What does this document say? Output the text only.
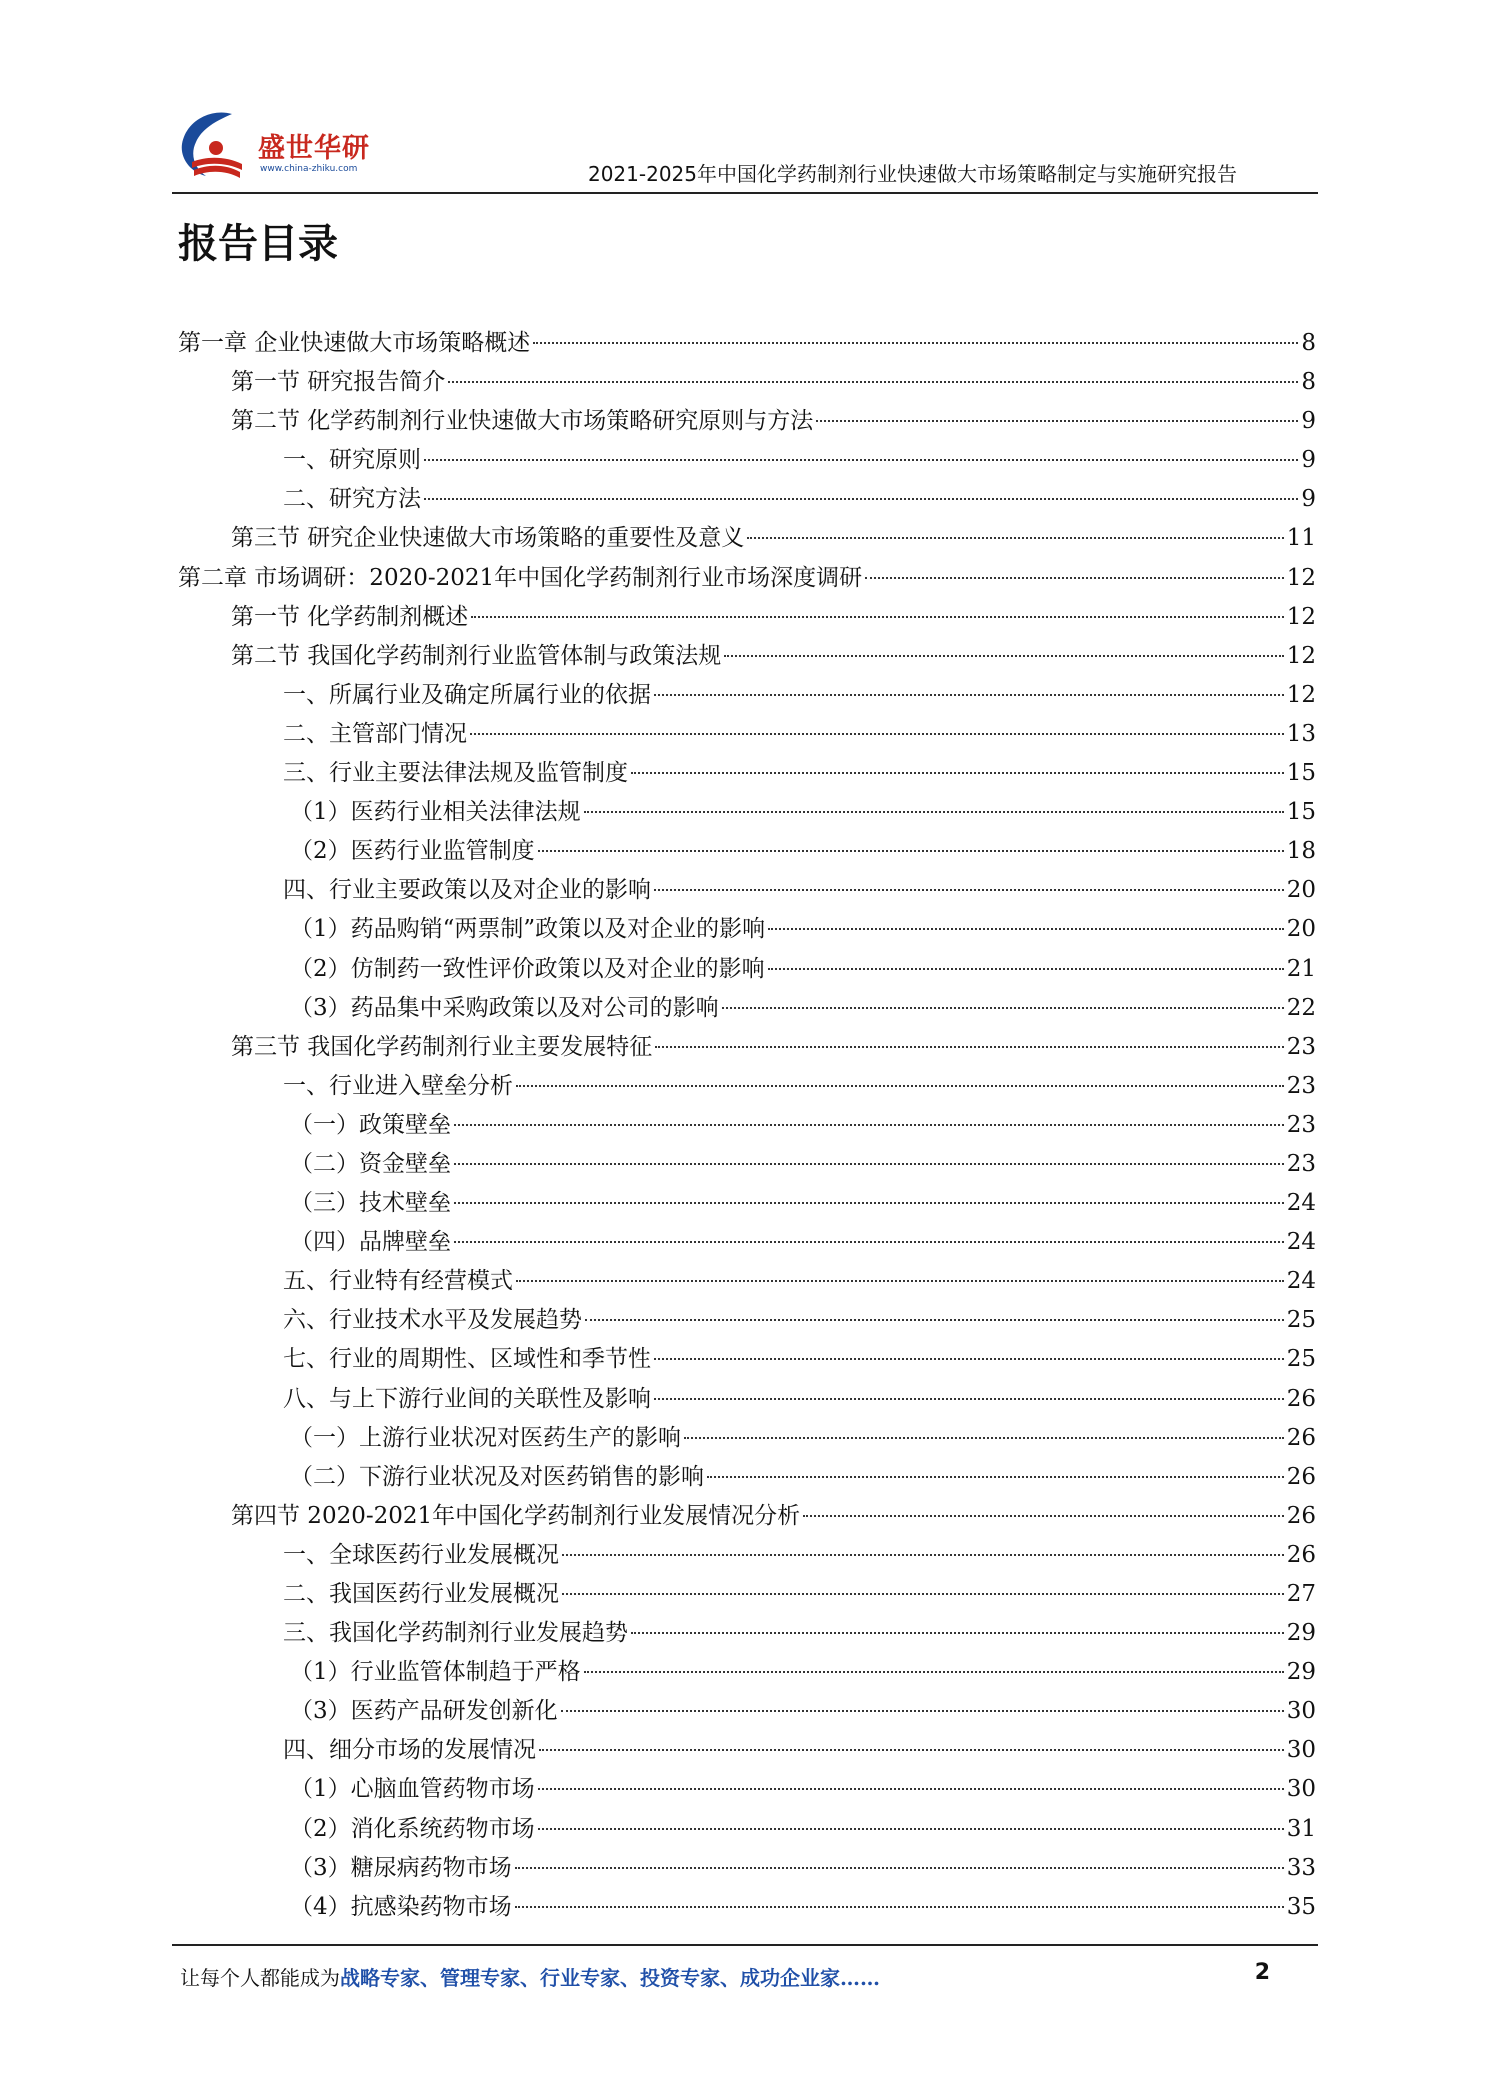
盛世华研
www.china-zhiku.com	2021-2025年中国化学药制剂行业快速做大市场策略制定与实施研究报告
报告目录
第一章 企业快速做大市场策略概述	8
第一节 研究报告简介	8
第二节 化学药制剂行业快速做大市场策略研究原则与方法	9
一、研究原则	9
二、研究方法	9
第三节 研究企业快速做大市场策略的重要性及意义	11
第二章 市场调研：2020-2021年中国化学药制剂行业市场深度调研	12
第一节 化学药制剂概述	12
第二节 我国化学药制剂行业监管体制与政策法规	12
一、所属行业及确定所属行业的依据	12
二、主管部门情况	13
三、行业主要法律法规及监管制度	15
（1）医药行业相关法律法规	15
（2）医药行业监管制度	18
四、行业主要政策以及对企业的影响	20
（1）药品购销“两票制”政策以及对企业的影响	20
（2）仿制药一致性评价政策以及对企业的影响	21
（3）药品集中采购政策以及对公司的影响	22
第三节 我国化学药制剂行业主要发展特征	23
一、行业进入壁垒分析	23
（一）政策壁垒	23
（二）资金壁垒	23
（三）技术壁垒	24
（四）品牌壁垒	24
五、行业特有经营模式	24
六、行业技术水平及发展趋势	25
七、行业的周期性、区域性和季节性	25
八、与上下游行业间的关联性及影响	26
（一）上游行业状况对医药生产的影响	26
（二）下游行业状况及对医药销售的影响	26
第四节 2020-2021年中国化学药制剂行业发展情况分析	26
一、全球医药行业发展概况	26
二、我国医药行业发展概况	27
三、我国化学药制剂行业发展趋势	29
（1）行业监管体制趋于严格	29
（3）医药产品研发创新化	30
四、细分市场的发展情况	30
（1）心脑血管药物市场	30
（2）消化系统药物市场	31
（3）糖尿病药物市场	33
（4）抗感染药物市场	35
让每个人都能成为战略专家、管理专家、行业专家、投资专家、成功企业家……	2
